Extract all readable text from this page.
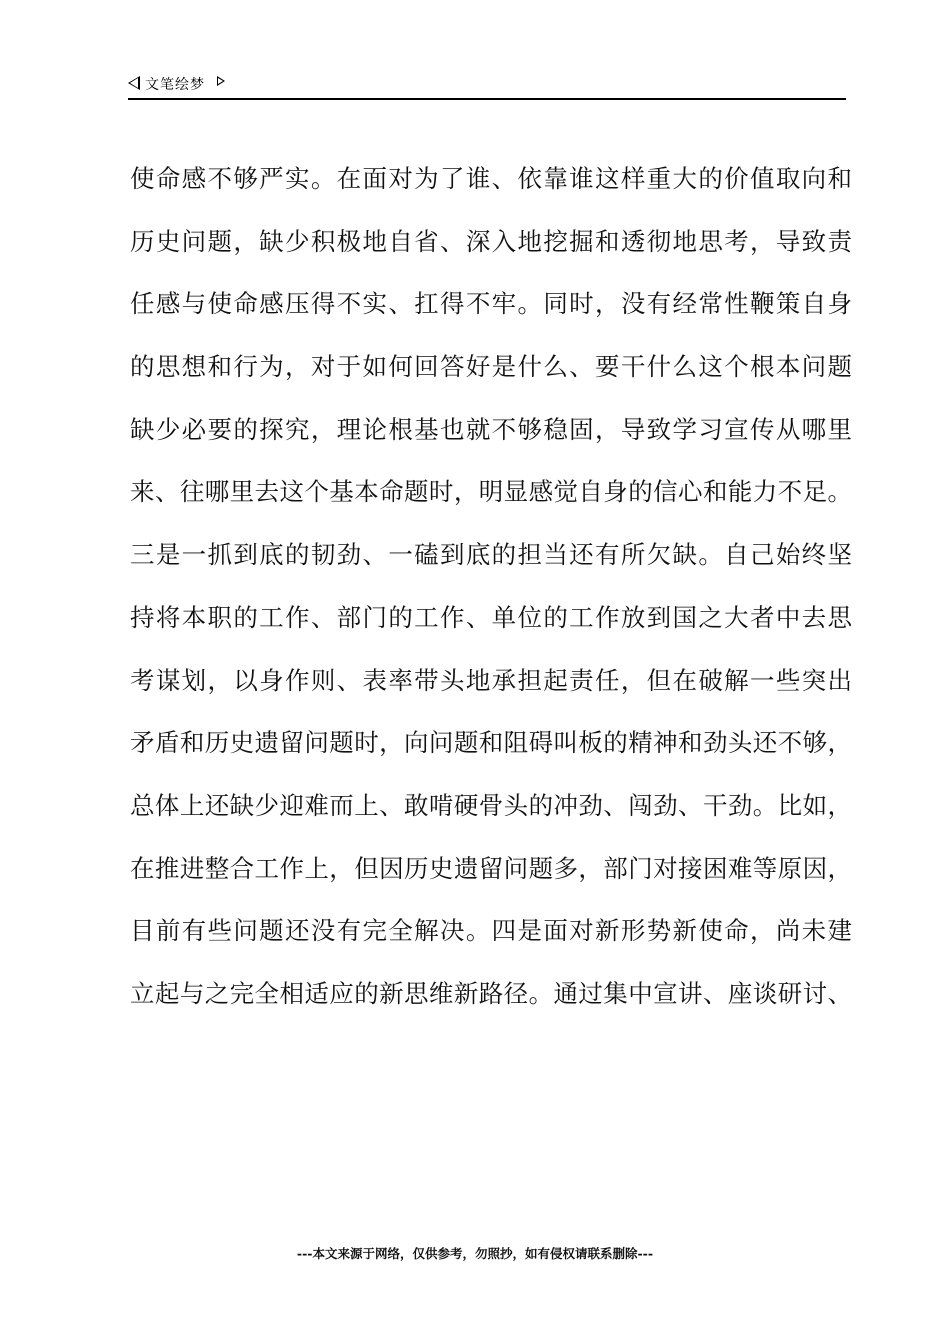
文笔绘梦
使命感不够严实。在面对为了谁、依靠谁这样重大的价值取向和
历史问题，缺少积极地自省、深入地挖掘和透彻地思考，导致责
任感与使命感压得不实、扛得不牢。同时，没有经常性鞭策自身
的思想和行为，对于如何回答好是什么、要干什么这个根本问题
缺少必要的探究，理论根基也就不够稳固，导致学习宣传从哪里
来、往哪里去这个基本命题时，明显感觉自身的信心和能力不足。
三是一抓到底的韧劲、一磕到底的担当还有所欠缺。自己始终坚
持将本职的工作、部门的工作、单位的工作放到国之大者中去思
考谋划，以身作则、表率带头地承担起责任，但在破解一些突出
矛盾和历史遗留问题时，向问题和阻碍叫板的精神和劲头还不够，
总体上还缺少迎难而上、敢啃硬骨头的冲劲、闯劲、干劲。比如，
在推进整合工作上，但因历史遗留问题多，部门对接困难等原因，
目前有些问题还没有完全解决。四是面对新形势新使命，尚未建
立起与之完全相适应的新思维新路径。通过集中宣讲、座谈研讨、
---本文来源于网络，仅供参考，勿照抄，如有侵权请联系删除---
